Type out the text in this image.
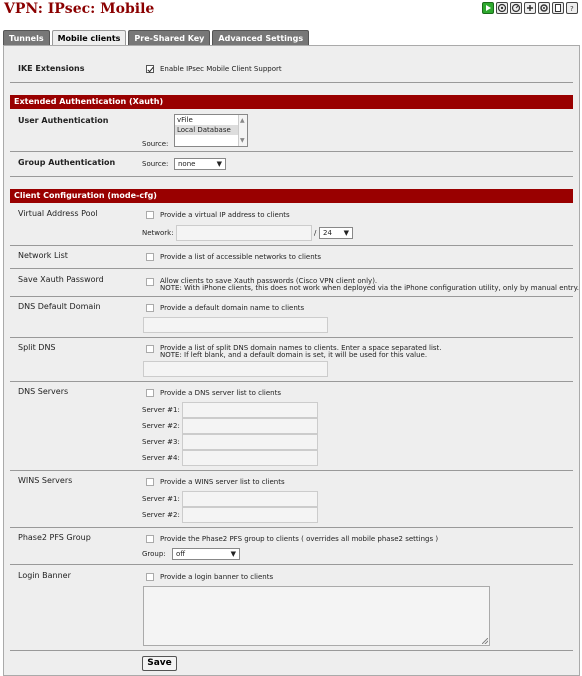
VPN: IPsec: Mobile	?
Tunnels	Mobile clients	Pre-Shared Key	Advanced Settings
IKE Extensions	Enable IPsec Mobile Client Support
Extended Authentication (Xauth)
User Authentication
Source:
vFile
Local Database
▲
▼
Group Authentication	Source:	none	▼
Client Configuration (mode-cfg)
Virtual Address Pool	Provide a virtual IP address to clients
Network:	/ 24 ▼
Network List	Provide a list of accessible networks to clients
Save Xauth Password	Allow clients to save Xauth passwords (Cisco VPN client only).
NOTE: With iPhone clients, this does not work when deployed via the iPhone configuration utility, only by manual entry.
DNS Default Domain	Provide a default domain name to clients
Split DNS	Provide a list of split DNS domain names to clients. Enter a space separated list.
NOTE: If left blank, and a default domain is set, it will be used for this value.
DNS Servers	Provide a DNS server list to clients
Server #1:
Server #2:
Server #3:
Server #4:
WINS Servers	Provide a WINS server list to clients
Server #1:
Server #2:
Phase2 PFS Group	Provide the Phase2 PFS group to clients ( overrides all mobile phase2 settings )
Group:	off	▼
Login Banner	Provide a login banner to clients
Save
